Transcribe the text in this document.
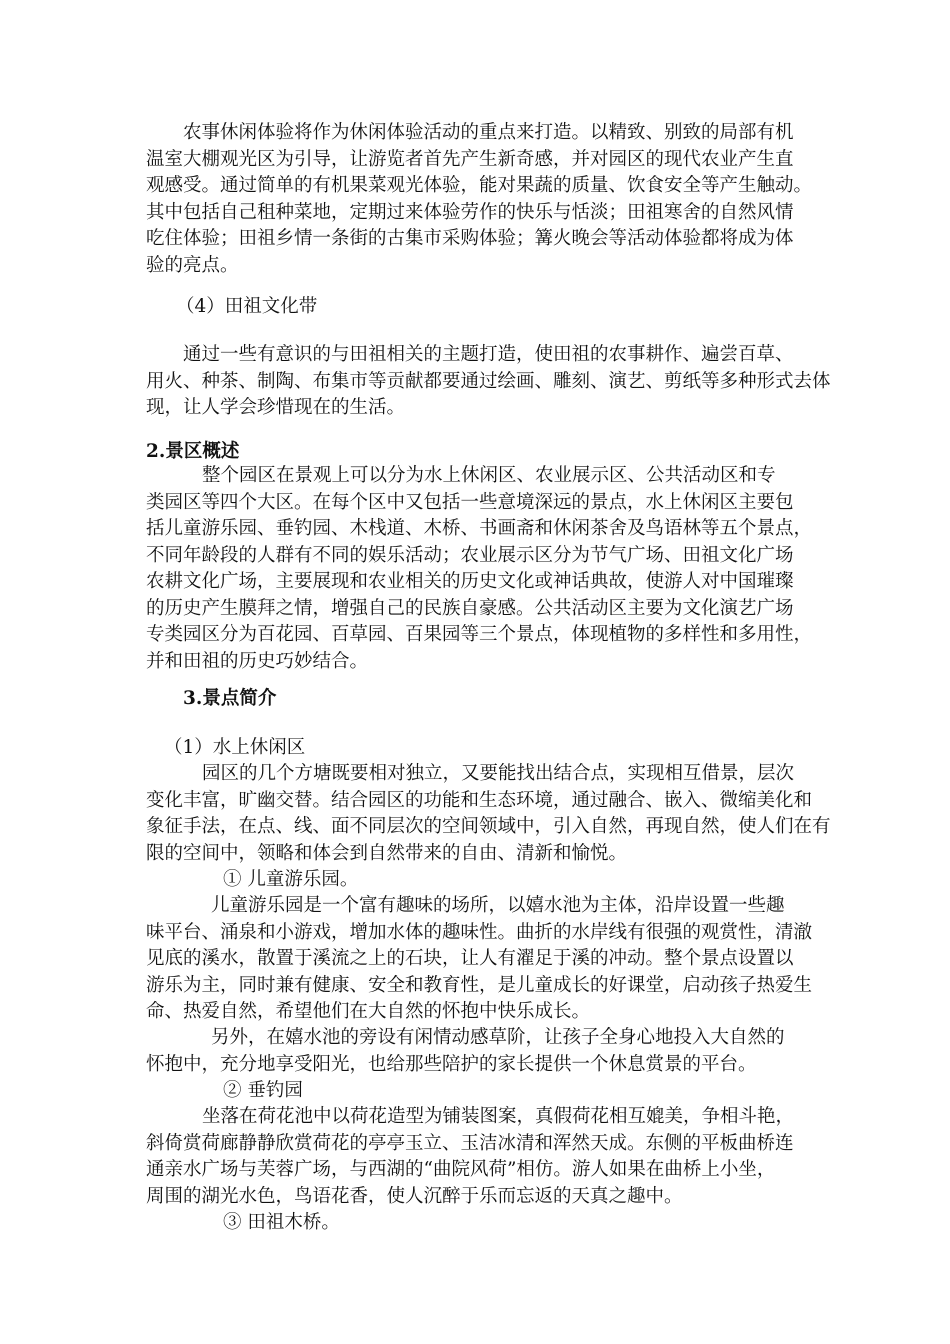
农事休闲体验将作为休闲体验活动的重点来打造。以精致、别致的局部有机
温室大棚观光区为引导，让游览者首先产生新奇感，并对园区的现代农业产生直
观感受。通过简单的有机果菜观光体验，能对果蔬的质量、饮食安全等产生触动。
其中包括自己租种菜地，定期过来体验劳作的快乐与恬淡；田祖寒舍的自然风情
吃住体验；田祖乡情一条街的古集市采购体验；篝火晚会等活动体验都将成为体
验的亮点。
（4）田祖文化带
通过一些有意识的与田祖相关的主题打造，使田祖的农事耕作、遍尝百草、
用火、种茶、制陶、布集市等贡献都要通过绘画、雕刻、演艺、剪纸等多种形式去体
现，让人学会珍惜现在的生活。
2.景区概述
整个园区在景观上可以分为水上休闲区、农业展示区、公共活动区和专
类园区等四个大区。在每个区中又包括一些意境深远的景点，水上休闲区主要包
括儿童游乐园、垂钓园、木栈道、木桥、书画斋和休闲茶舍及鸟语林等五个景点，
不同年龄段的人群有不同的娱乐活动；农业展示区分为节气广场、田祖文化广场
农耕文化广场，主要展现和农业相关的历史文化或神话典故，使游人对中国璀璨
的历史产生膜拜之情，增强自己的民族自豪感。公共活动区主要为文化演艺广场
专类园区分为百花园、百草园、百果园等三个景点，体现植物的多样性和多用性，
并和田祖的历史巧妙结合。
3.景点简介
（1）水上休闲区
园区的几个方塘既要相对独立，又要能找出结合点，实现相互借景，层次
变化丰富，旷幽交替。结合园区的功能和生态环境，通过融合、嵌入、微缩美化和
象征手法，在点、线、面不同层次的空间领域中，引入自然，再现自然，使人们在有
限的空间中，领略和体会到自然带来的自由、清新和愉悦。
① 儿童游乐园。
儿童游乐园是一个富有趣味的场所，以嬉水池为主体，沿岸设置一些趣
味平台、涌泉和小游戏，增加水体的趣味性。曲折的水岸线有很强的观赏性，清澈
见底的溪水，散置于溪流之上的石块，让人有濯足于溪的冲动。整个景点设置以
游乐为主，同时兼有健康、安全和教育性，是儿童成长的好课堂，启动孩子热爱生
命、热爱自然，希望他们在大自然的怀抱中快乐成长。
另外，在嬉水池的旁设有闲情动感草阶，让孩子全身心地投入大自然的
怀抱中，充分地享受阳光，也给那些陪护的家长提供一个休息赏景的平台。
② 垂钓园
坐落在荷花池中以荷花造型为铺装图案，真假荷花相互媲美，争相斗艳，
斜倚赏荷廊静静欣赏荷花的亭亭玉立、玉洁冰清和浑然天成。东侧的平板曲桥连
通亲水广场与芙蓉广场，与西湖的“曲院风荷”相仿。游人如果在曲桥上小坐，
周围的湖光水色，鸟语花香，使人沉醉于乐而忘返的天真之趣中。
③ 田祖木桥。
